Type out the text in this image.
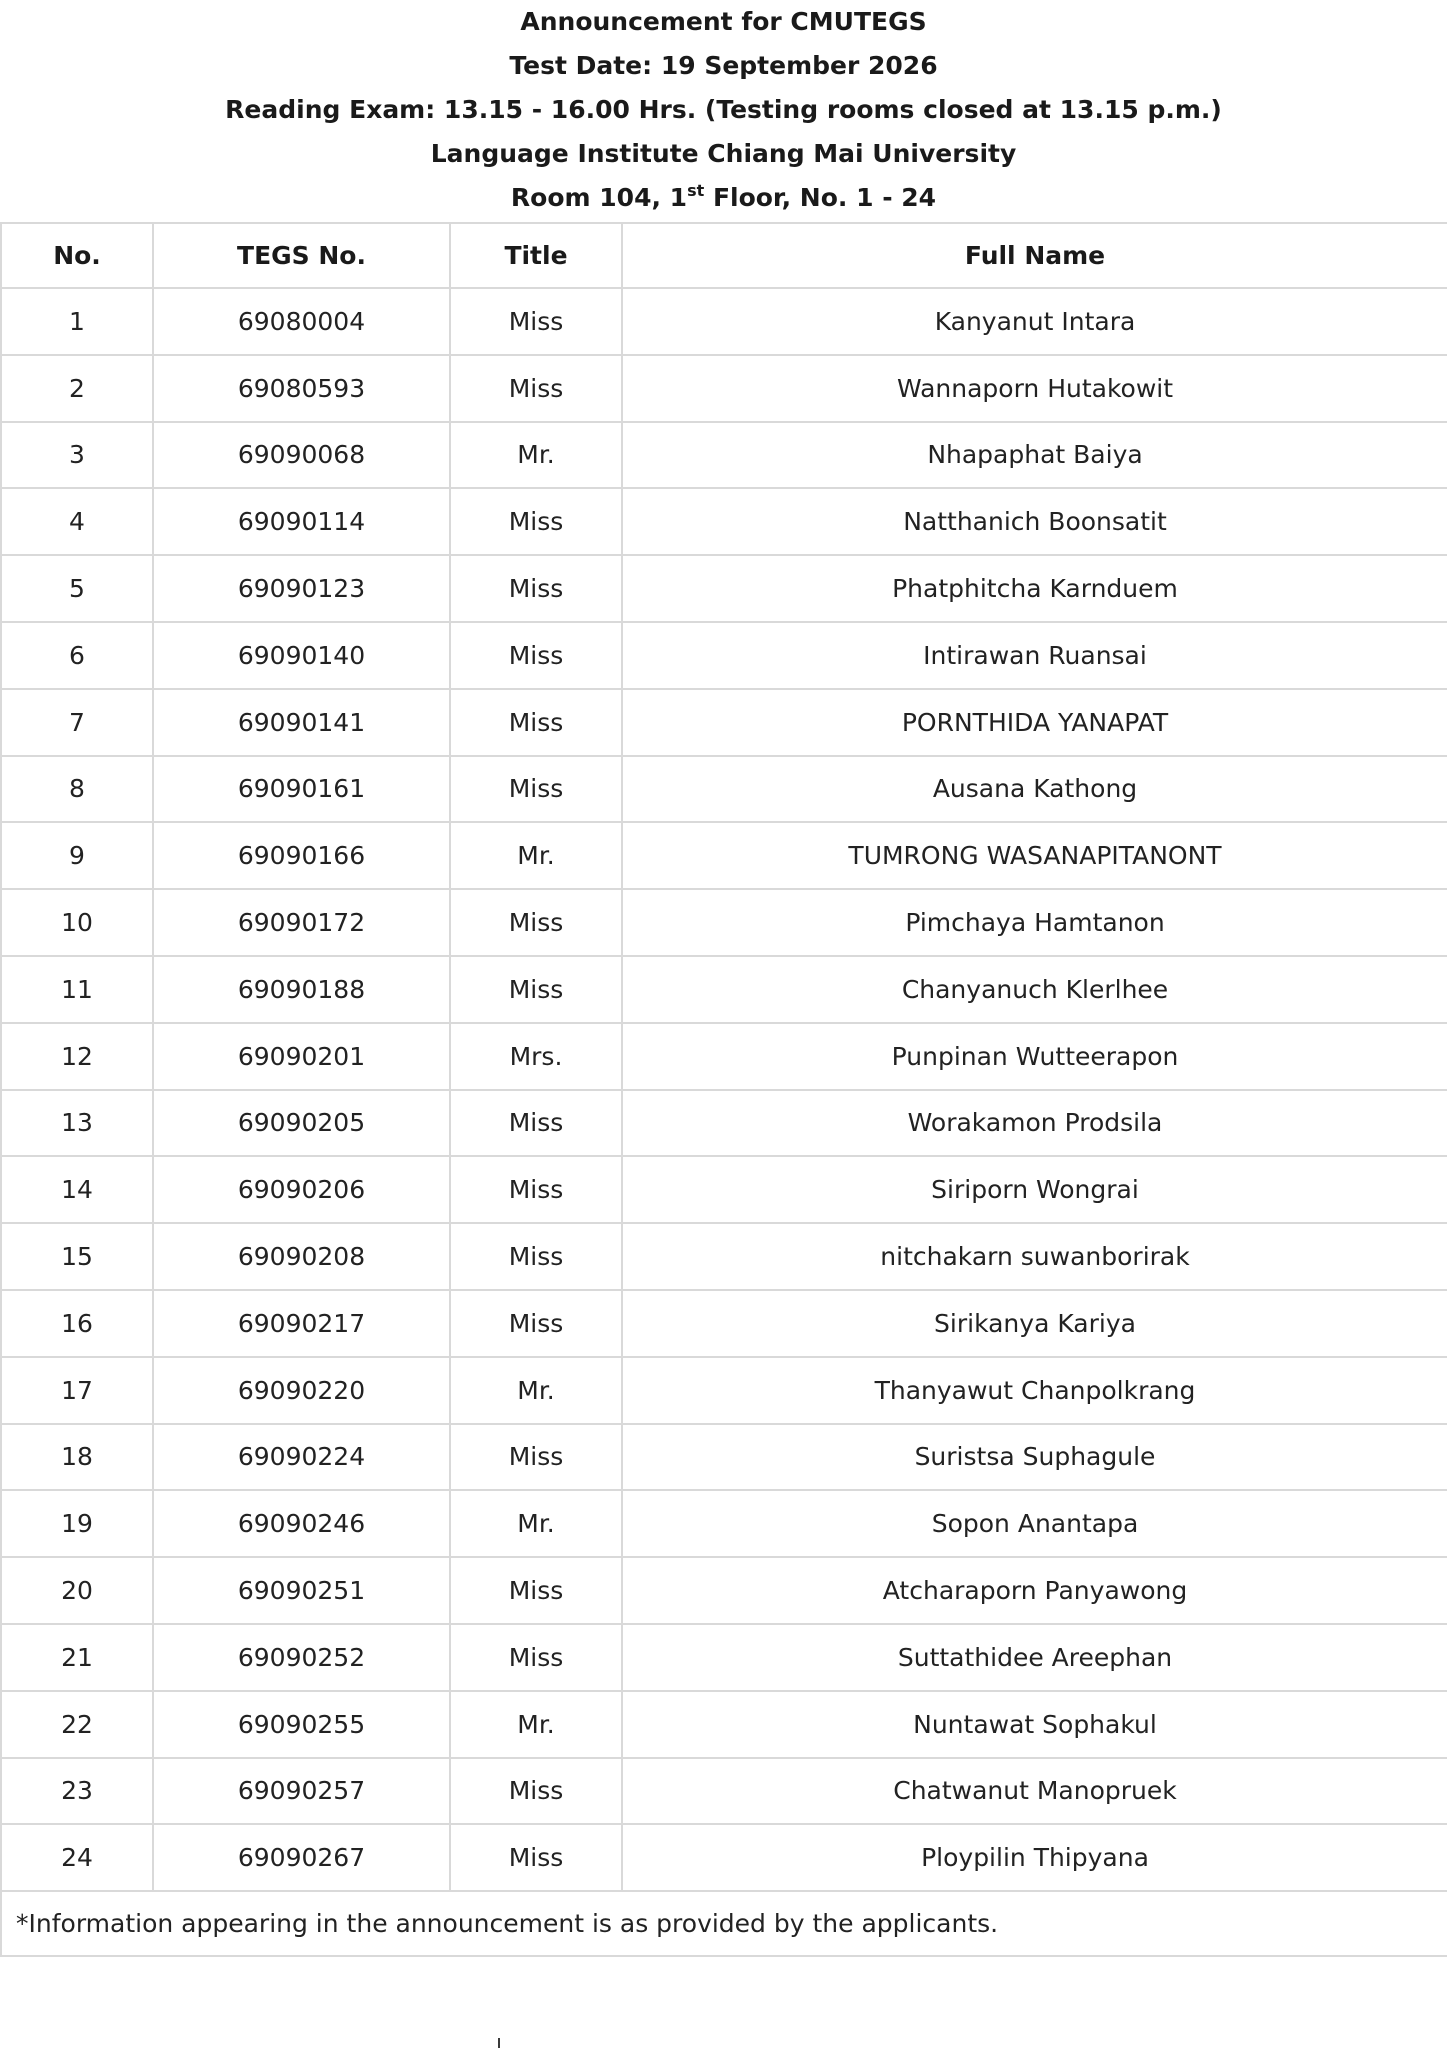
Announcement for CMUTEGS
Test Date: 19 September 2026
Reading Exam: 13.15 - 16.00 Hrs. (Testing rooms closed at 13.15 p.m.)
Language Institute Chiang Mai University
Room 104, 1st Floor, No. 1 - 24
No.	TEGS No.	Title	Full Name
1	69080004	Miss	Kanyanut Intara
2	69080593	Miss	Wannaporn Hutakowit
3	69090068	Mr.	Nhapaphat Baiya
4	69090114	Miss	Natthanich Boonsatit
5	69090123	Miss	Phatphitcha Karnduem
6	69090140	Miss	Intirawan Ruansai
7	69090141	Miss	PORNTHIDA YANAPAT
8	69090161	Miss	Ausana Kathong
9	69090166	Mr.	TUMRONG WASANAPITANONT
10	69090172	Miss	Pimchaya Hamtanon
11	69090188	Miss	Chanyanuch Klerlhee
12	69090201	Mrs.	Punpinan Wutteerapon
13	69090205	Miss	Worakamon Prodsila
14	69090206	Miss	Siriporn Wongrai
15	69090208	Miss	nitchakarn suwanborirak
16	69090217	Miss	Sirikanya Kariya
17	69090220	Mr.	Thanyawut Chanpolkrang
18	69090224	Miss	Suristsa Suphagule
19	69090246	Mr.	Sopon Anantapa
20	69090251	Miss	Atcharaporn Panyawong
21	69090252	Miss	Suttathidee Areephan
22	69090255	Mr.	Nuntawat Sophakul
23	69090257	Miss	Chatwanut Manopruek
24	69090267	Miss	Ploypilin Thipyana
*Information appearing in the announcement is as provided by the applicants.			
